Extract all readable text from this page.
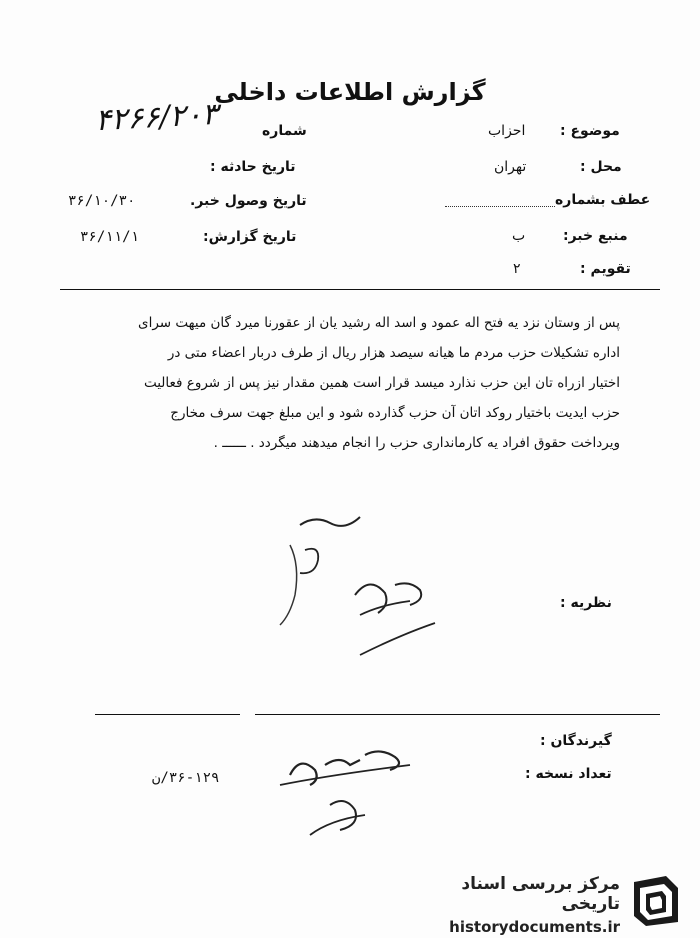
گزارش اطلاعات داخلی
۴۲۶۶/۲۰۳	شماره	موضوع :
احزاب
محل :
تهران
عطف بشماره
منبع خبر:
ب
تقویم :
۲
تاریخ حادثه :
تاریخ وصول خبر.
۳۶/۱۰/۳۰
تاریخ گزارش:
۳۶/۱۱/۱
پس از وستان نزد یه فتح اله عمود و اسد اله رشید یان از عقورنا میرد گان میهت سرای
اداره تشکیلات حزب مردم ما هیانه سیصد هزار ریال از طرف دربار اعضاء متی در
اختیار ازراه تان این حزب نذارد میسد قرار است همین مقدار نیز پس از شروع فعالیت
حزب ایدیت باختیار روکد اتان آن حزب گذارده شود و این مبلغ جهت سرف مخارج
ویرداخت حقوق افراد یه کارمانداری حزب را انجام میدهند میگردد . ــــــ .
نظریه :
گیرندگان :
تعداد نسخه :
۳۶-۱۲۹/ن
مرکز بررسی اسناد تاریخی
historydocuments.ir
